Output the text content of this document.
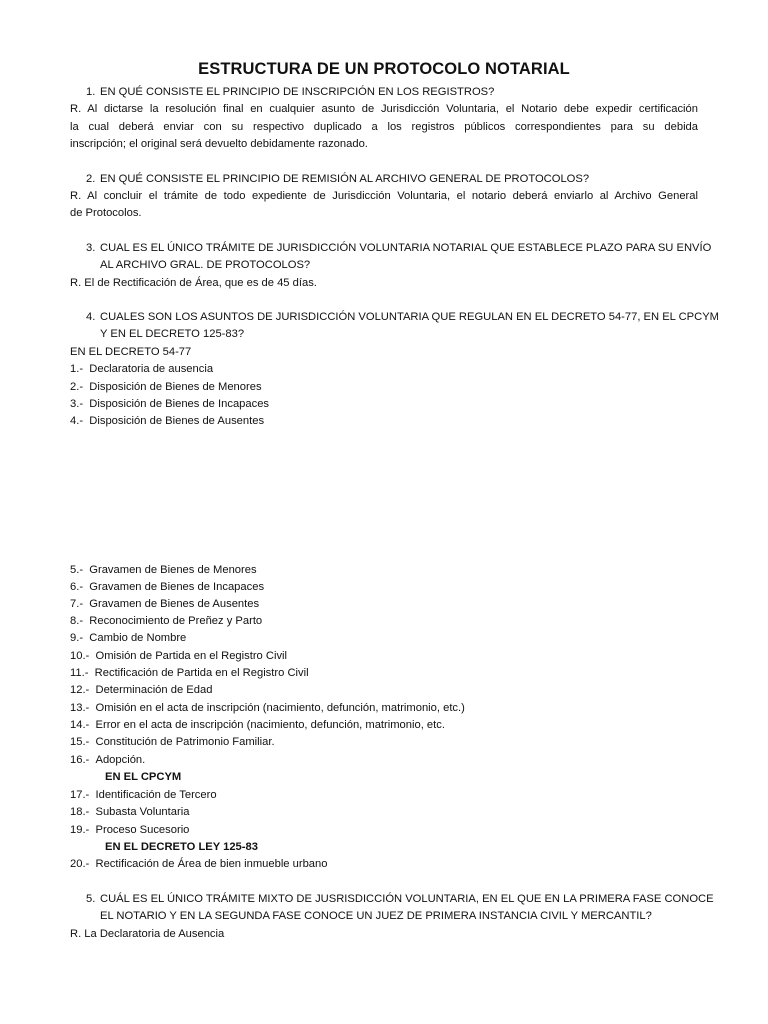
ESTRUCTURA DE UN PROTOCOLO NOTARIAL
1. EN QUÉ CONSISTE EL PRINCIPIO DE INSCRIPCIÓN EN LOS REGISTROS?
R. Al dictarse la resolución final en cualquier asunto de Jurisdicción Voluntaria, el Notario debe expedir certificación
la cual deberá enviar con su respectivo duplicado a los registros públicos correspondientes para su debida
inscripción; el original será devuelto debidamente razonado.
2. EN QUÉ CONSISTE EL PRINCIPIO DE REMISIÓN AL ARCHIVO GENERAL DE PROTOCOLOS?
R. Al concluir el trámite de todo expediente de Jurisdicción Voluntaria, el notario deberá enviarlo al Archivo General
de Protocolos.
3. CUAL ES EL ÚNICO TRÁMITE DE JURISDICCIÓN VOLUNTARIA NOTARIAL QUE ESTABLECE PLAZO PARA SU ENVÍO
AL ARCHIVO GRAL. DE PROTOCOLOS?
R. El de Rectificación de Área, que es de 45 días.
4. CUALES SON LOS ASUNTOS DE JURISDICCIÓN VOLUNTARIA QUE REGULAN EN EL DECRETO 54-77, EN EL CPCYM
Y EN EL DECRETO 125-83?
EN EL DECRETO 54-77
1.- Declaratoria de ausencia
2.- Disposición de Bienes de Menores
3.- Disposición de Bienes de Incapaces
4.- Disposición de Bienes de Ausentes
5.- Gravamen de Bienes de Menores
6.- Gravamen de Bienes de Incapaces
7.- Gravamen de Bienes de Ausentes
8.- Reconocimiento de Preñez y Parto
9.- Cambio de Nombre
10.- Omisión de Partida en el Registro Civil
11.- Rectificación de Partida en el Registro Civil
12.- Determinación de Edad
13.- Omisión en el acta de inscripción (nacimiento, defunción, matrimonio, etc.)
14.- Error en el acta de inscripción (nacimiento, defunción, matrimonio, etc.
15.- Constitución de Patrimonio Familiar.
16.- Adopción.
EN EL CPCYM
17.- Identificación de Tercero
18.- Subasta Voluntaria
19.- Proceso Sucesorio
EN EL DECRETO LEY 125-83
20.- Rectificación de Área de bien inmueble urbano
5. CUÁL ES EL ÚNICO TRÁMITE MIXTO DE JUSRISDICCIÓN VOLUNTARIA, EN EL QUE EN LA PRIMERA FASE CONOCE
EL NOTARIO Y EN LA SEGUNDA FASE CONOCE UN JUEZ DE PRIMERA INSTANCIA CIVIL Y MERCANTIL?
R. La Declaratoria de Ausencia
